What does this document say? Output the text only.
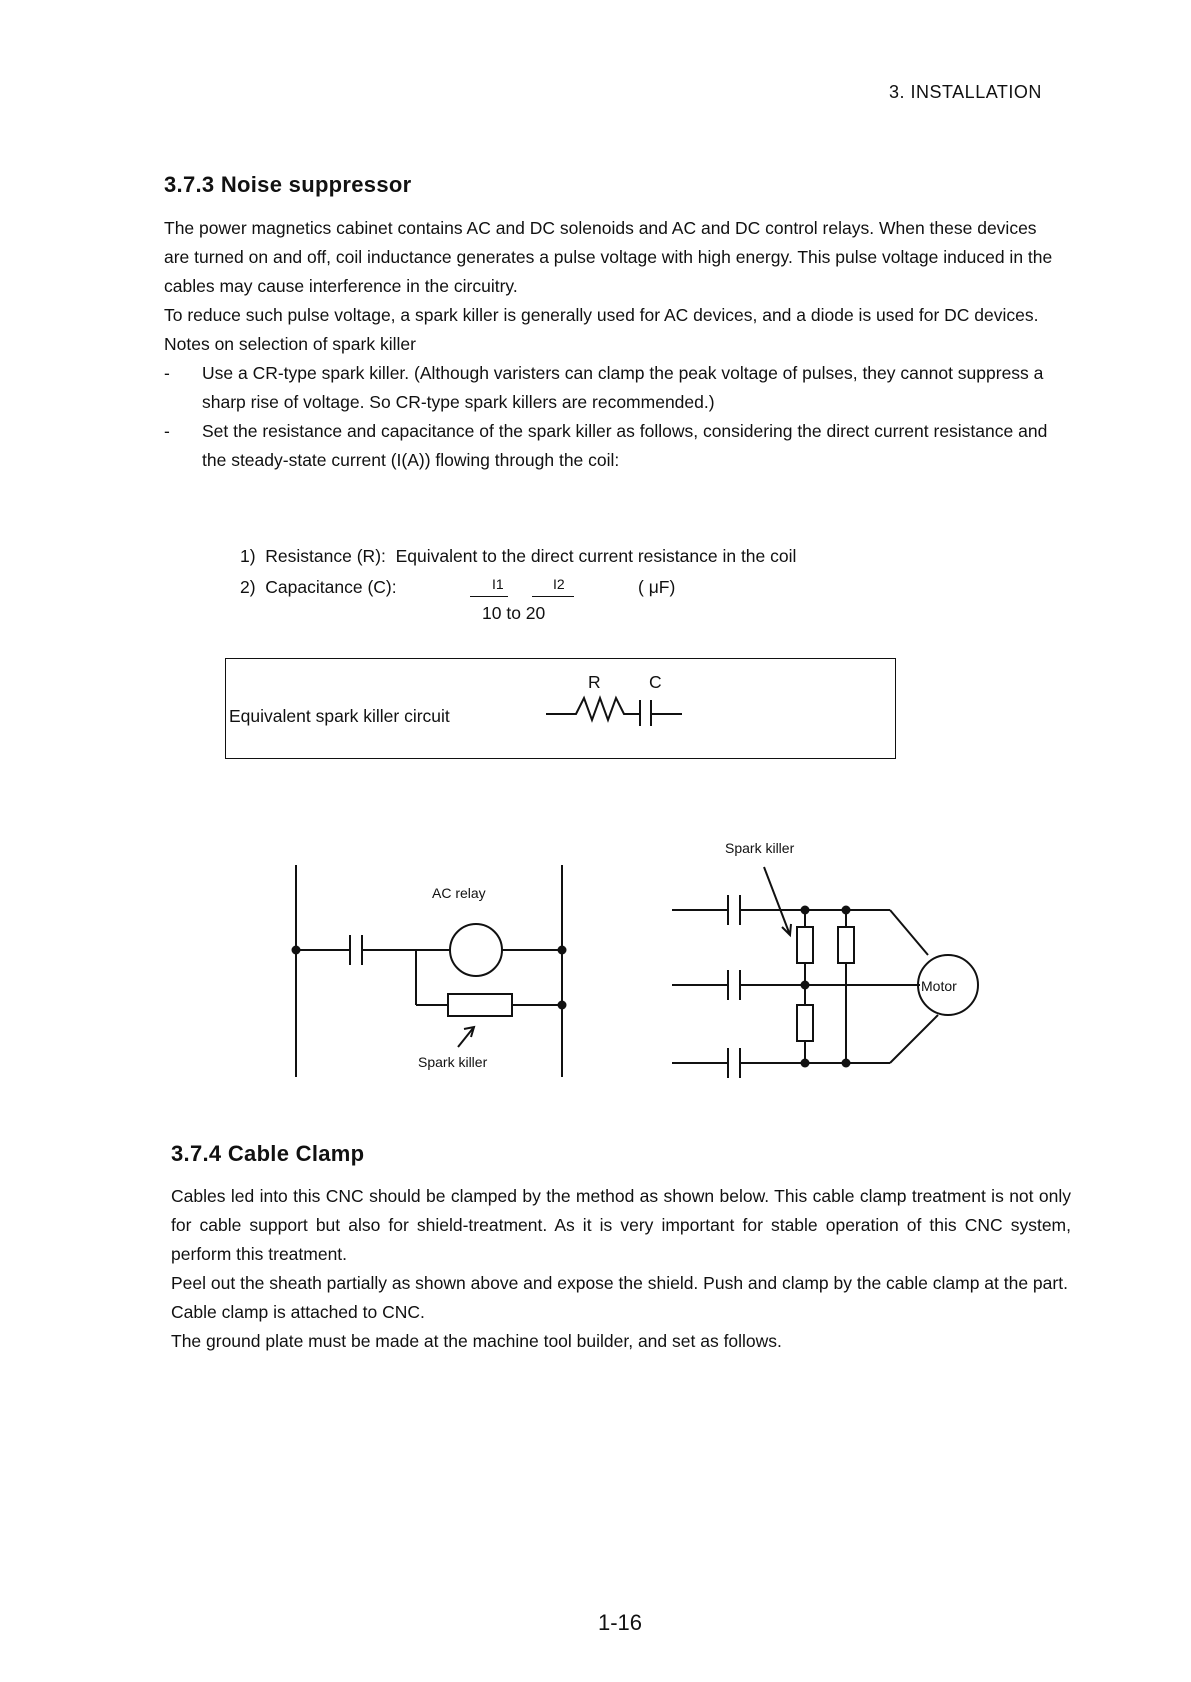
3. INSTALLATION
3.7.3 Noise suppressor

The power magnetics cabinet contains AC and DC solenoids and AC and DC control relays. When these devices are turned on and off, coil inductance generates a pulse voltage with high energy. This pulse voltage induced in the cables may cause interference in the circuitry.

To reduce such pulse voltage, a spark killer is generally used for AC devices, and a diode is used for DC devices.

Notes on selection of spark killer

-	Use a CR-type spark killer. (Although varisters can clamp the peak voltage of pulses, they cannot suppress a sharp rise of voltage. So CR-type spark killers are recommended.)
-	Set the resistance and capacitance of the spark killer as follows, considering the direct current resistance and the steady-state current (I(A)) flowing through the coil:
1) Resistance (R): Equivalent to the direct current resistance in the coil
2) Capacitance (C):	I1	I2
10 to 20
( μF)
Equivalent spark killer circuit
R	C
AC relay
Spark killer
Spark killer
Motor
3.7.4 Cable Clamp

Cables led into this CNC should be clamped by the method as shown below. This cable clamp treatment is not only for cable support but also for shield-treatment. As it is very important for stable operation of this CNC system, perform this treatment.

Peel out the sheath partially as shown above and expose the shield. Push and clamp by the cable clamp at the part.

Cable clamp is attached to CNC.

The ground plate must be made at the machine tool builder, and set as follows.

1-16
